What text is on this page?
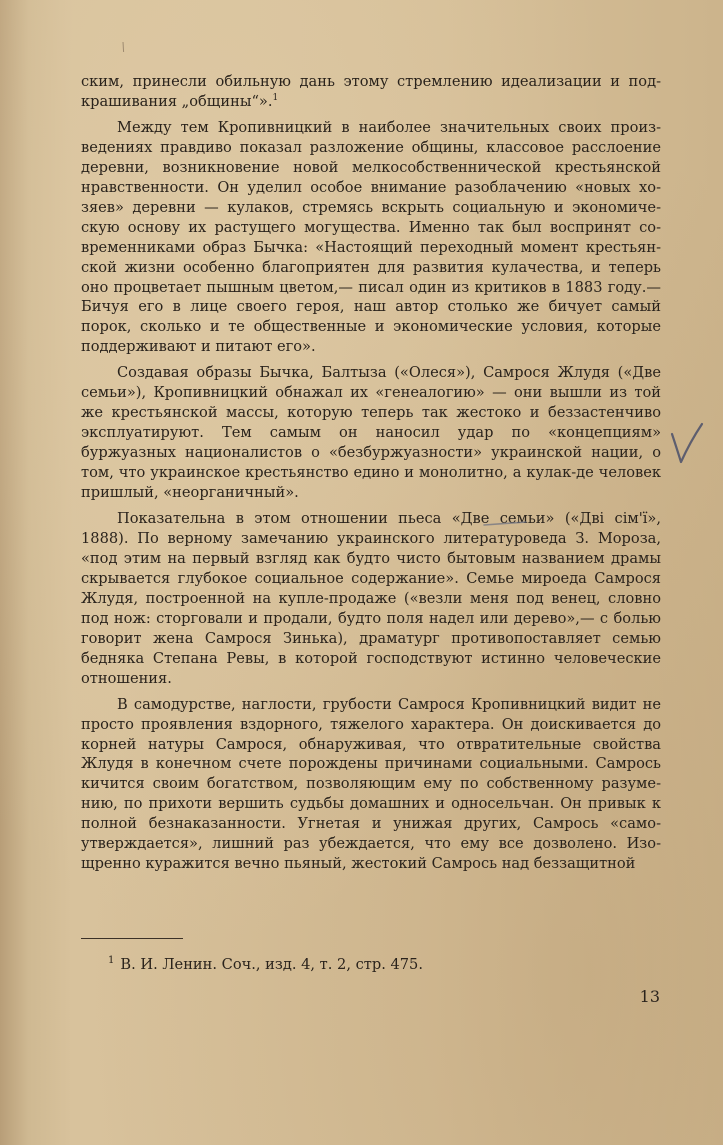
ским, принесли обильную дань этому стремлению идеализации и подкрашивания „общины“».$^1$

Между тем Кропивницкий в наиболее значительных своих произведениях правдиво показал разложение общины, классовое расслоение деревни, возникновение новой мелкособственнической крестьянской нравственности. Он уделил особое внимание разоблачению «новых хозяев» деревни — кулаков, стремясь вскрыть социальную и экономическую основу их растущего могущества. Именно так был воспринят современниками образ Бычка: «Настоящий переходный момент крестьянской жизни особенно благоприятен для развития кулачества, и теперь оно процветает пышным цветом,— писал один из критиков в 1883 году.— Бичуя его в лице своего героя, наш автор столько же бичует самый порок, сколько и те общественные и экономические условия, которые поддерживают и питают его».

Создавая образы Бычка, Балтыза («Олеся»), Самрося Жлудя («Две семьи»), Кропивницкий обнажал их «генеалогию» — они вышли из той же крестьянской массы, которую теперь так жестоко и беззастенчиво эксплуатируют. Тем самым он наносил удар по «концепциям» буржуазных националистов о «безбуржуазности» украинской нации, о том, что украинское крестьянство едино и монолитно, а кулак-де человек пришлый, «неорганичный».

Показательна в этом отношении пьеса «Две семьи» («Дві сім'ї», 1888). По верному замечанию украинского литературоведа З. Мороза, «под этим на первый взгляд как будто чисто бытовым названием драмы скрывается глубокое социальное содержание». Семье мироеда Самрося Жлудя, построенной на купле-продаже («везли меня под венец, словно под нож: сторговали и продали, будто поля надел или дерево»,— с болью говорит жена Самрося Зинька), драматург противопоставляет семью бедняка Степана Ревы, в которой господствуют истинно человеческие отношения.

В самодурстве, наглости, грубости Самрося Кропивницкий видит не просто проявления вздорного, тяжелого характера. Он доискивается до корней натуры Самрося, обнаруживая, что отвратительные свойства Жлудя в конечном счете порождены причинами социальными. Самрось кичится своим богатством, позволяющим ему по собственному разумению, по прихоти вершить судьбы домашних и односельчан. Он привык к полной безнаказанности. Угнетая и унижая других, Самрось «самоутверждается», лишний раз убеждается, что ему все дозволено. Изощренно куражится вечно пьяный, жестокий Самрось над беззащитной

$^1$ В. И. Ленин. Соч., изд. 4, т. 2, стр. 475.
13
